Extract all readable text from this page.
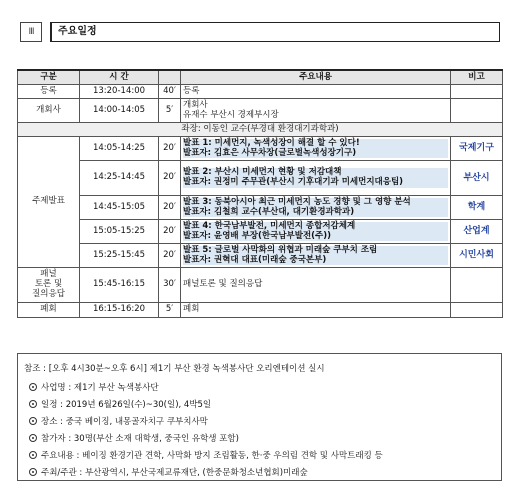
III	주요일정
구분	시 간		주요내용	비고
등록	13:20-14:00	40′	등록	
개회사	14:00-14:05	5′	개회사
유재수 부산시 경제부시장	

좌장: 이동인 교수(부경대 환경대기과학과)				
주제발표	14:05-14:25	20′	발표 1: 미세먼지, 녹색성장이 해결 할 수 있다!
발표자: 김효은 사무차장(글로벌녹색성장기구)	국제기구
	14:25-14:45	20′	발표 2: 부산시 미세먼지 현황 및 저감대책
발표자: 권정미 주무관(부산시 기후대기과 미세먼지대응팀)	부산시
	14:45-15:05	20′	발표 3: 동북아시아 최근 미세먼지 농도 경향 및 그 영향 분석
발표자: 김철희 교수(부산대, 대기환경과학과)	학계
	15:05-15:25	20′	발표 4: 한국남부발전, 미세먼지 종합저감체계
발표자: 윤영배 부장(한국남부발전(주))	산업계
	15:25-15:45	20′	발표 5: 글로벌 사막화의 위협과 미래숲 쿠부치 조림
발표자: 권혁대 대표(미래숲 중국본부)	시민사회

패널
토론 및
질의응답	15:45-16:15	30′	패널토론 및 질의응답	
폐회	16:15-16:20	5′	폐회	
참조 : [오후 4시30분~오후 6시] 제1기 부산 환경 녹색봉사단 오리엔테이션 실시
사업명 : 제1기 부산 녹색봉사단
일정 : 2019년 6월26일(수)~30(일), 4박5일
장소 : 중국 베이징, 내몽골자치구 쿠부치사막
참가자 : 30명(부산 소재 대학생, 중국인 유학생 포함)
주요내용 : 베이징 환경기관 견학, 사막화 방지 조림활동, 한·중 우의림 견학 및 사막트래킹 등
주최/주관 : 부산광역시, 부산국제교류재단, (한중문화청소년협회)미래숲
